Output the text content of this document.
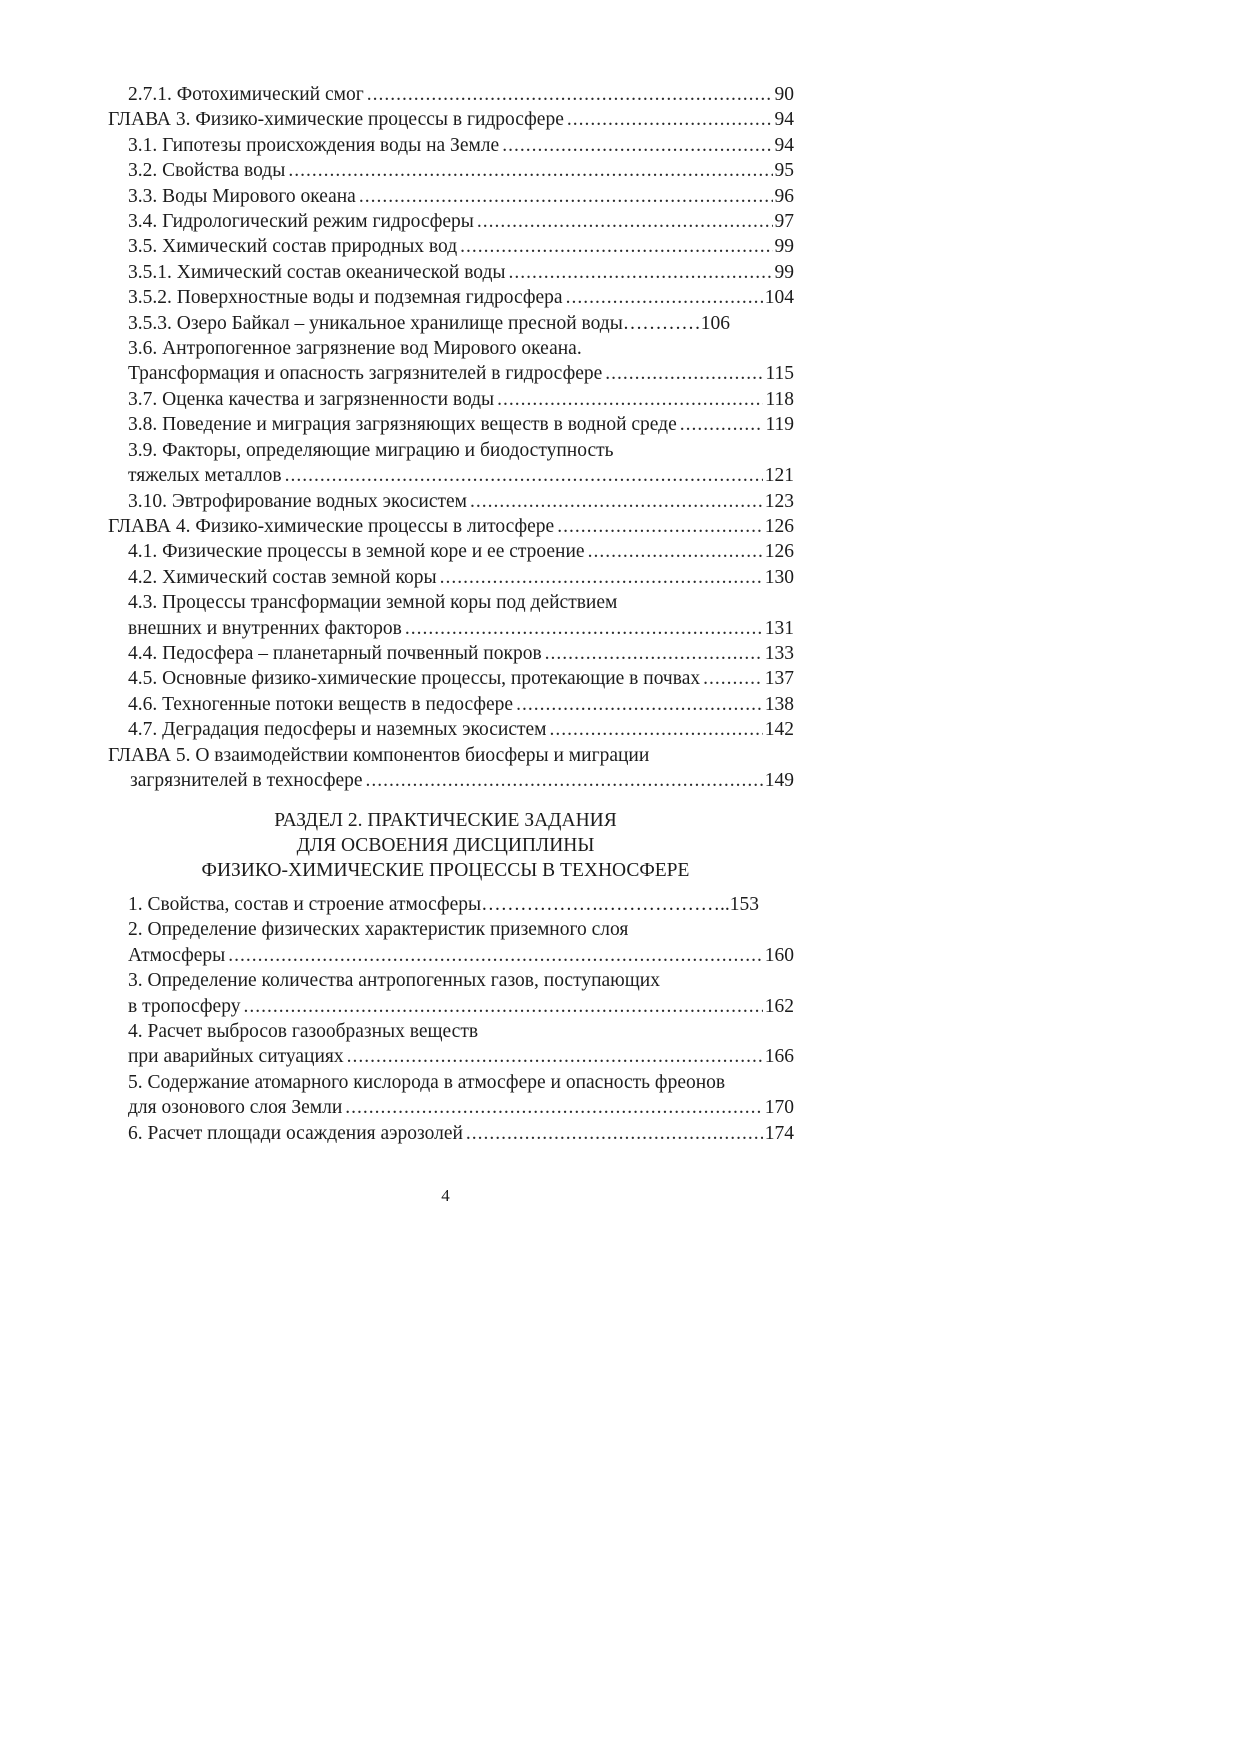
2.7.1. Фотохимический смог .....	90
ГЛАВА 3. Физико-химические процессы в гидросфере .....	94
3.1. Гипотезы происхождения воды на Земле .....	94
3.2. Свойства воды .....	95
3.3. Воды Мирового океана .....	96
3.4. Гидрологический режим гидросферы .....	97
3.5. Химический состав природных вод .....	99
3.5.1. Химический состав океанической воды .....	99
3.5.2. Поверхностные воды и подземная гидросфера .....	104
3.5.3. Озеро Байкал – уникальное хранилище пресной воды…………106
3.6. Антропогенное загрязнение вод Мирового океана.
Трансформация и опасность загрязнителей в гидросфере .....	115
3.7. Оценка качества и загрязненности воды .....	118
3.8. Поведение и миграция загрязняющих веществ в водной среде .....	119
3.9. Факторы, определяющие миграцию и биодоступность
тяжелых металлов .....	121
3.10. Эвтрофирование водных экосистем .....	123
ГЛАВА 4. Физико-химические процессы в литосфере .....	126
4.1. Физические процессы в земной коре и ее строение .....	126
4.2. Химический состав земной коры .....	130
4.3. Процессы трансформации земной коры под действием
внешних и внутренних факторов .....	131
4.4. Педосфера – планетарный почвенный покров .....	133
4.5. Основные физико-химические процессы, протекающие в почвах .....	137
4.6. Техногенные потоки веществ в педосфере .....	138
4.7. Деградация педосферы и наземных экосистем .....	142
ГЛАВА 5. О взаимодействии компонентов биосферы и миграции
загрязнителей в техносфере .....	149
РАЗДЕЛ 2. ПРАКТИЧЕСКИЕ ЗАДАНИЯ
ДЛЯ ОСВОЕНИЯ ДИСЦИПЛИНЫ
ФИЗИКО-ХИМИЧЕСКИЕ ПРОЦЕССЫ В ТЕХНОСФЕРЕ
1. Свойства, состав и строение атмосферы……………….………………..153
2. Определение физических характеристик приземного слоя
Атмосферы .....	160
3. Определение количества антропогенных газов, поступающих
в тропосферу .....	162
4. Расчет выбросов газообразных веществ
при аварийных ситуациях .....	166
5. Содержание атомарного кислорода в атмосфере и опасность фреонов
для озонового слоя Земли .....	170
6. Расчет площади осаждения аэрозолей .....	174
4
